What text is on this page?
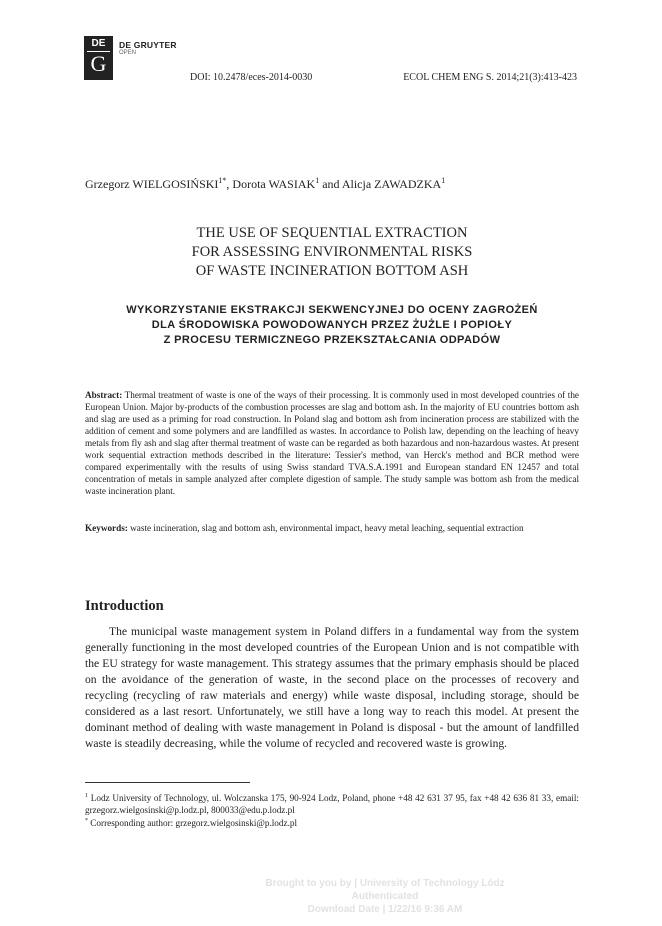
DE
G
DE GRUYTER
OPEN
DOI: 10.2478/eces-2014-0030	ECOL CHEM ENG S. 2014;21(3):413-423
Grzegorz $WIELGOSIŃSKI^{1*}$, Dorota WASIAK$^1$ and Alicja ZAWADZKA$^1$
THE USE OF SEQUENTIAL EXTRACTION
FOR ASSESSING ENVIRONMENTAL RISKS
OF WASTE INCINERATION BOTTOM ASH
WYKORZYSTANIE EKSTRAKCJI SEKWENCYJNEJ DO OCENY ZAGROŻEŃ
DLA ŚRODOWISKA POWODOWANYCH PRZEZ ŻUŻLE I POPIOŁY
Z PROCESU TERMICZNEGO PRZEKSZTAŁCANIA ODPADÓW
Abstract: Thermal treatment of waste is one of the ways of their processing. It is commonly used in most developed countries of the European Union. Major by-products of the combustion processes are slag and bottom ash. In the majority of EU countries bottom ash and slag are used as a priming for road construction. In Poland slag and bottom ash from incineration process are stabilized with the addition of cement and some polymers and are landfilled as wastes. In accordance to Polish law, depending on the leaching of heavy metals from fly ash and slag after thermal treatment of waste can be regarded as both hazardous and non-hazardous wastes. At present work sequential extraction methods described in the literature: Tessier's method, van Herck's method and BCR method were compared experimentally with the results of using Swiss standard TVA.S.A.1991 and European standard EN 12457 and total concentration of metals in sample analyzed after complete digestion of sample. The study sample was bottom ash from the medical waste incineration plant.
Keywords: waste incineration, slag and bottom ash, environmental impact, heavy metal leaching, sequential extraction
Introduction
The municipal waste management system in Poland differs in a fundamental way from the system generally functioning in the most developed countries of the European Union and is not compatible with the EU strategy for waste management. This strategy assumes that the primary emphasis should be placed on the avoidance of the generation of waste, in the second place on the processes of recovery and recycling (recycling of raw materials and energy) while waste disposal, including storage, should be considered as a last resort. Unfortunately, we still have a long way to reach this model. At present the dominant method of dealing with waste management in Poland is disposal - but the amount of landfilled waste is steadily decreasing, while the volume of recycled and recovered waste is growing.
$^1$ Lodz University of Technology, ul. Wolczanska 175, 90-924 Lodz, Poland, phone +48 42 631 37 95, fax +48 42 636 81 33, email: grzegorz.wielgosinski@p.lodz.pl, 800033@edu.p.lodz.pl
* Corresponding author: grzegorz.wielgosinski@p.lodz.pl
Brought to you by | University of Technology Lódz
Authenticated
Download Date | 1/22/16 9:36 AM
